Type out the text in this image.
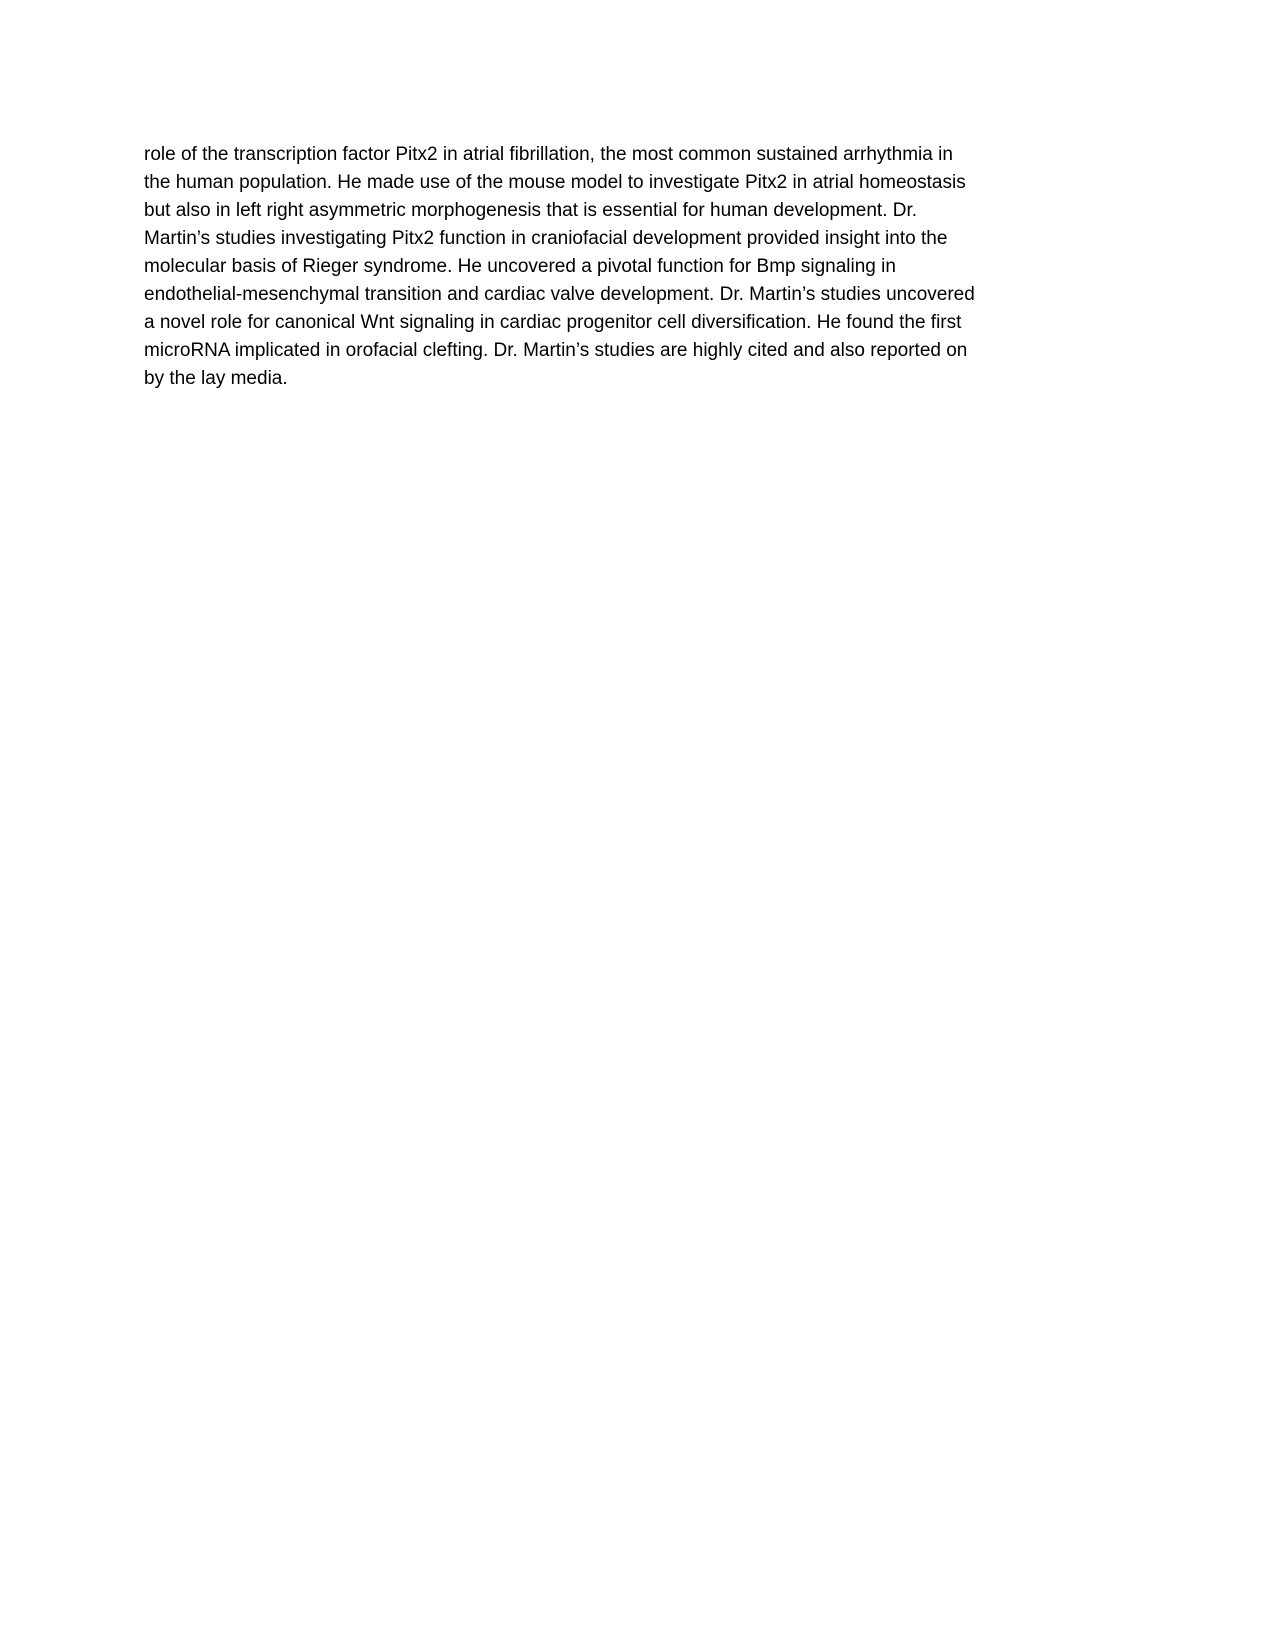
role of the transcription factor Pitx2 in atrial fibrillation, the most common sustained arrhythmia in
the human population. He made use of the mouse model to investigate Pitx2 in atrial homeostasis
but also in left right asymmetric morphogenesis that is essential for human development. Dr.
Martin’s studies investigating Pitx2 function in craniofacial development provided insight into the
molecular basis of Rieger syndrome. He uncovered a pivotal function for Bmp signaling in
endothelial-mesenchymal transition and cardiac valve development. Dr. Martin’s studies uncovered
a novel role for canonical Wnt signaling in cardiac progenitor cell diversification. He found the first
microRNA implicated in orofacial clefting. Dr. Martin’s studies are highly cited and also reported on
by the lay media.
